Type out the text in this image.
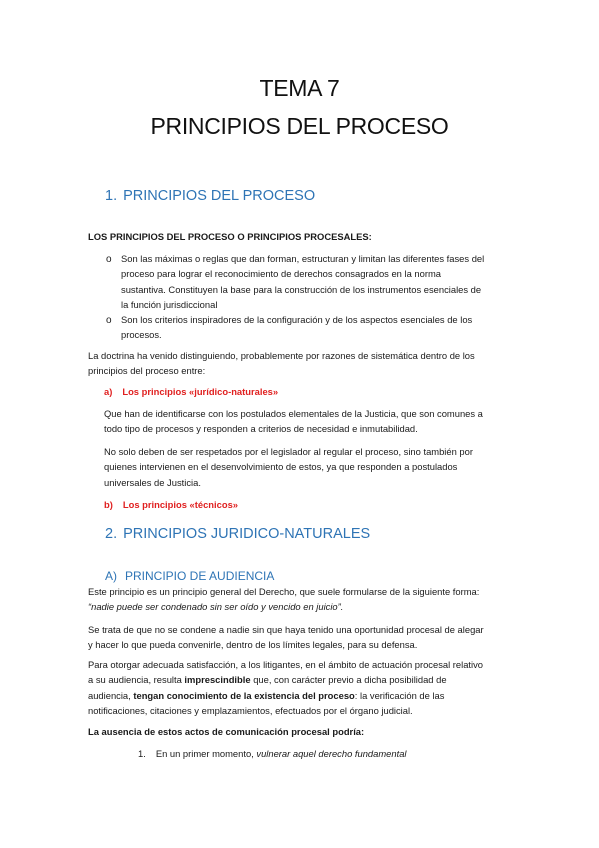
TEMA 7
PRINCIPIOS DEL PROCESO
1. PRINCIPIOS DEL PROCESO
LOS PRINCIPIOS DEL PROCESO O PRINCIPIOS PROCESALES:
o Son las máximas o reglas que dan forman, estructuran y limitan las diferentes fases del
proceso para lograr el reconocimiento de derechos consagrados en la norma
sustantiva. Constituyen la base para la construcción de los instrumentos esenciales de
la función jurisdiccional
o Son los criterios inspiradores de la configuración y de los aspectos esenciales de los
procesos.
La doctrina ha venido distinguiendo, probablemente por razones de sistemática dentro de los
principios del proceso entre:
a) Los principios «jurídico-naturales»
Que han de identificarse con los postulados elementales de la Justicia, que son comunes a
todo tipo de procesos y responden a criterios de necesidad e inmutabilidad.
No solo deben de ser respetados por el legislador al regular el proceso, sino también por
quienes intervienen en el desenvolvimiento de estos, ya que responden a postulados
universales de Justicia.
b) Los principios «técnicos»
2. PRINCIPIOS JURIDICO-NATURALES
A) PRINCIPIO DE AUDIENCIA
Este principio es un principio general del Derecho, que suele formularse de la siguiente forma:
“nadie puede ser condenado sin ser oído y vencido en juicio”.
Se trata de que no se condene a nadie sin que haya tenido una oportunidad procesal de alegar
y hacer lo que pueda convenirle, dentro de los límites legales, para su defensa.
Para otorgar adecuada satisfacción, a los litigantes, en el ámbito de actuación procesal relativo
a su audiencia, resulta imprescindible que, con carácter previo a dicha posibilidad de
audiencia, tengan conocimiento de la existencia del proceso: la verificación de las
notificaciones, citaciones y emplazamientos, efectuados por el órgano judicial.
La ausencia de estos actos de comunicación procesal podría:
1. En un primer momento, vulnerar aquel derecho fundamental
